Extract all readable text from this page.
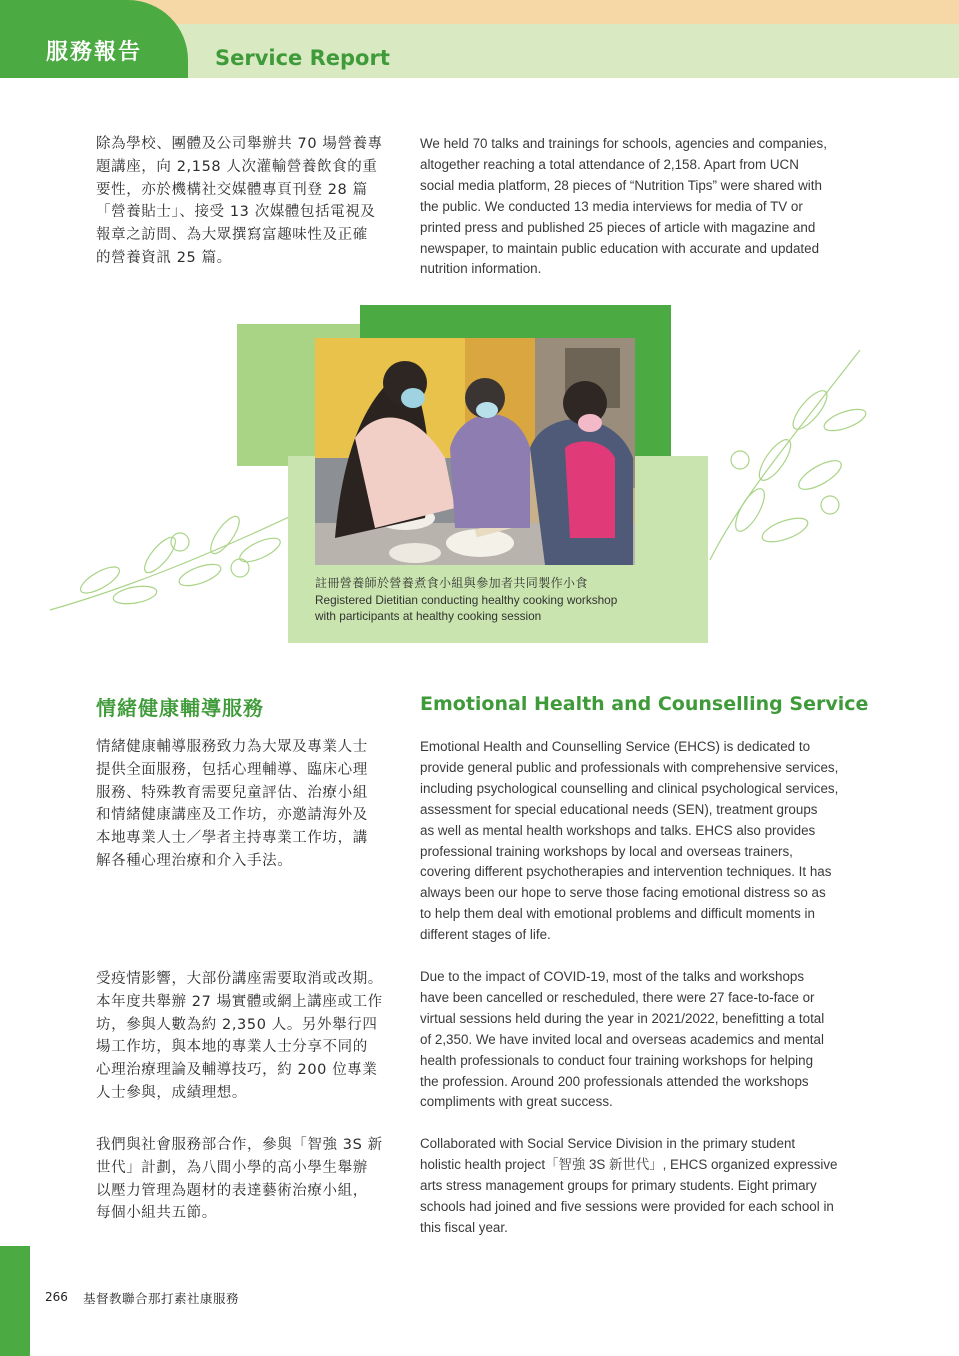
服務報告	Service Report
除為學校、團體及公司舉辦共 70 場營養專
題講座，向 2,158 人次灌輸營養飲食的重
要性，亦於機構社交媒體專頁刊登 28 篇
「營養貼士」、接受 13 次媒體包括電視及
報章之訪問、為大眾撰寫富趣味性及正確
的營養資訊 25 篇。
We held 70 talks and trainings for schools, agencies and companies,
altogether reaching a total attendance of 2,158. Apart from UCN
social media platform, 28 pieces of “Nutrition Tips” were shared with
the public. We conducted 13 media interviews for media of TV or
printed press and published 25 pieces of article with magazine and
newspaper, to maintain public education with accurate and updated
nutrition information.
註冊營養師於營養煮食小組與參加者共同製作小食
Registered Dietitian conducting healthy cooking workshop
with participants at healthy cooking session
情緒健康輔導服務	Emotional Health and Counselling Service
情緒健康輔導服務致力為大眾及專業人士
提供全面服務，包括心理輔導、臨床心理
服務、特殊教育需要兒童評估、治療小組
和情緒健康講座及工作坊，亦邀請海外及
本地專業人士／學者主持專業工作坊，講
解各種心理治療和介入手法。
Emotional Health and Counselling Service (EHCS) is dedicated to
provide general public and professionals with comprehensive services,
including psychological counselling and clinical psychological services,
assessment for special educational needs (SEN), treatment groups
as well as mental health workshops and talks. EHCS also provides
professional training workshops by local and overseas trainers,
covering different psychotherapies and intervention techniques. It has
always been our hope to serve those facing emotional distress so as
to help them deal with emotional problems and difficult moments in
different stages of life.
受疫情影響，大部份講座需要取消或改期。
本年度共舉辦 27 場實體或網上講座或工作
坊，參與人數為約 2,350 人。另外舉行四
場工作坊，與本地的專業人士分享不同的
心理治療理論及輔導技巧，約 200 位專業
人士參與，成績理想。
Due to the impact of COVID-19, most of the talks and workshops
have been cancelled or rescheduled, there were 27 face-to-face or
virtual sessions held during the year in 2021/2022, benefitting a total
of 2,350. We have invited local and overseas academics and mental
health professionals to conduct four training workshops for helping
the profession. Around 200 professionals attended the workshops
compliments with great success.
我們與社會服務部合作，參與「智強 3S 新
世代」計劃，為八間小學的高小學生舉辦
以壓力管理為題材的表達藝術治療小組，
每個小組共五節。
Collaborated with Social Service Division in the primary student
holistic health project「智強 3S 新世代」, EHCS organized expressive
arts stress management groups for primary students. Eight primary
schools had joined and five sessions were provided for each school in
this fiscal year.
266 基督教聯合那打素社康服務
